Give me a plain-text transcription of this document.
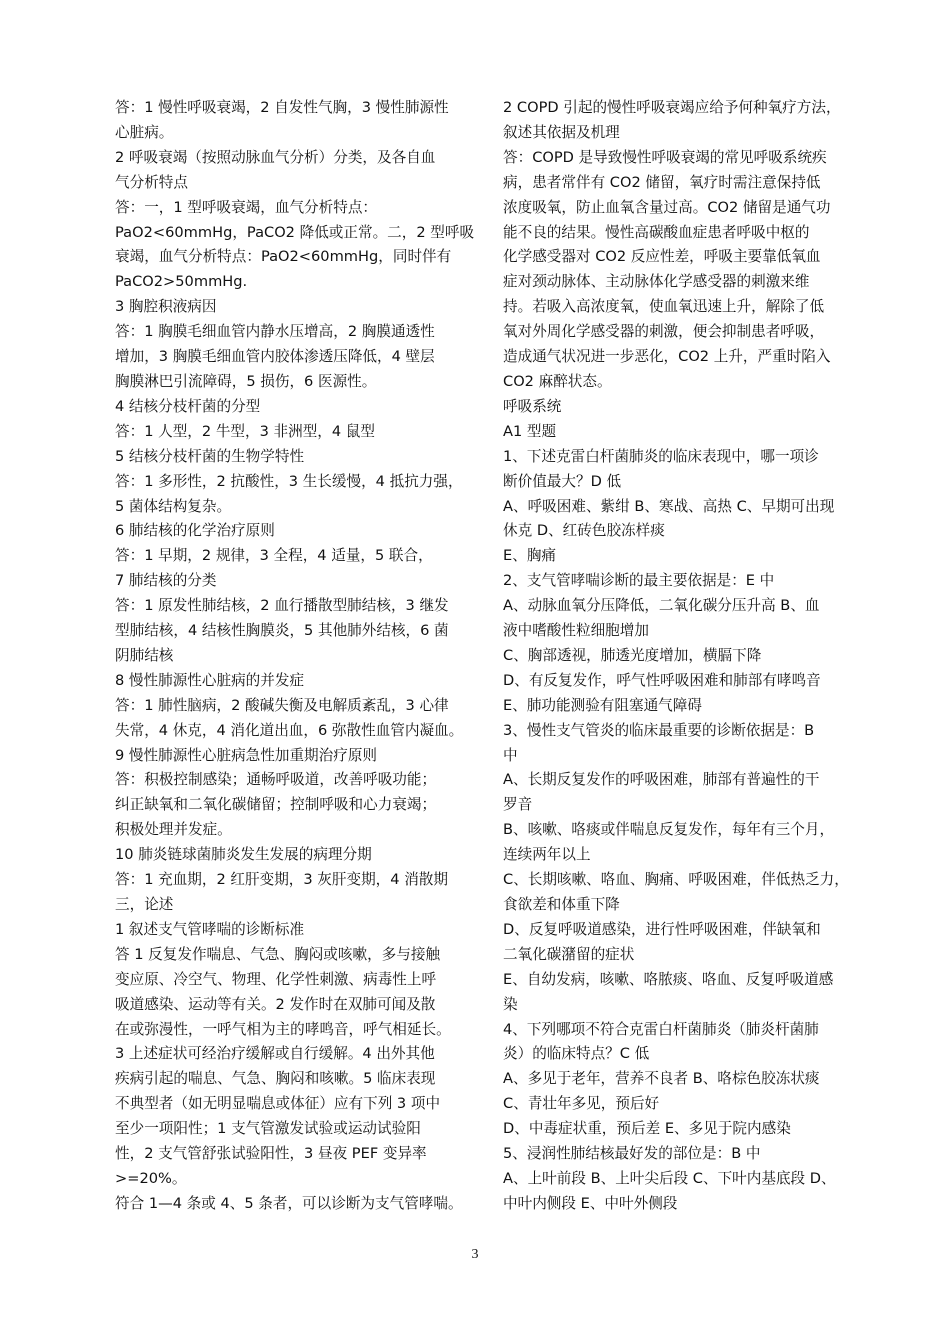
答：1 慢性呼吸衰竭，2 自发性气胸，3 慢性肺源性
心脏病。
2 呼吸衰竭（按照动脉血气分析）分类，及各自血
气分析特点
答：一，1 型呼吸衰竭，血气分析特点：
PaO2<60mmHg，PaCO2 降低或正常。二，2 型呼吸
衰竭，血气分析特点：PaO2<60mmHg，同时伴有
PaCO2>50mmHg.
3 胸腔积液病因
答：1 胸膜毛细血管内静水压增高，2 胸膜通透性
增加，3 胸膜毛细血管内胶体渗透压降低，4 壁层
胸膜淋巴引流障碍，5 损伤，6 医源性。
4 结核分枝杆菌的分型
答：1 人型，2 牛型，3 非洲型，4 鼠型
5 结核分枝杆菌的生物学特性
答：1 多形性，2 抗酸性，3 生长缓慢，4 抵抗力强，
5 菌体结构复杂。
6 肺结核的化学治疗原则
答：1 早期，2 规律，3 全程，4 适量，5 联合，
7 肺结核的分类
答：1 原发性肺结核，2 血行播散型肺结核，3 继发
型肺结核，4 结核性胸膜炎，5 其他肺外结核，6 菌
阴肺结核
8 慢性肺源性心脏病的并发症
答：1 肺性脑病，2 酸碱失衡及电解质紊乱，3 心律
失常，4 休克，4 消化道出血，6 弥散性血管内凝血。
9 慢性肺源性心脏病急性加重期治疗原则
答：积极控制感染；通畅呼吸道，改善呼吸功能；
纠正缺氧和二氧化碳储留；控制呼吸和心力衰竭；
积极处理并发症。
10 肺炎链球菌肺炎发生发展的病理分期
答：1 充血期，2 红肝变期，3 灰肝变期，4 消散期
三，论述
1 叙述支气管哮喘的诊断标准
答 1 反复发作喘息、气急、胸闷或咳嗽，多与接触
变应原、冷空气、物理、化学性刺激、病毒性上呼
吸道感染、运动等有关。2 发作时在双肺可闻及散
在或弥漫性，一呼气相为主的哮鸣音，呼气相延长。
3 上述症状可经治疗缓解或自行缓解。4 出外其他
疾病引起的喘息、气急、胸闷和咳嗽。5 临床表现
不典型者（如无明显喘息或体征）应有下列 3 项中
至少一项阳性；1 支气管激发试验或运动试验阳
性，2 支气管舒张试验阳性，3 昼夜 PEF 变异率
>=20%。
符合 1—4 条或 4、5 条者，可以诊断为支气管哮喘。
2 COPD 引起的慢性呼吸衰竭应给予何种氧疗方法，
叙述其依据及机理
答：COPD 是导致慢性呼吸衰竭的常见呼吸系统疾
病，患者常伴有 CO2 储留，氧疗时需注意保持低
浓度吸氧，防止血氧含量过高。CO2 储留是通气功
能不良的结果。慢性高碳酸血症患者呼吸中枢的
化学感受器对 CO2 反应性差，呼吸主要靠低氧血
症对颈动脉体、主动脉体化学感受器的刺激来维
持。若吸入高浓度氧，使血氧迅速上升，解除了低
氧对外周化学感受器的刺激，便会抑制患者呼吸，
造成通气状况进一步恶化，CO2 上升，严重时陷入
CO2 麻醉状态。
呼吸系统
A1 型题
1、下述克雷白杆菌肺炎的临床表现中，哪一项诊
断价值最大？D 低
A、呼吸困难、紫绀 B、寒战、高热 C、早期可出现
休克 D、红砖色胶冻样痰
E、胸痛
2、支气管哮喘诊断的最主要依据是：E 中
A、动脉血氧分压降低，二氧化碳分压升高 B、血
液中嗜酸性粒细胞增加
C、胸部透视，肺透光度增加，横膈下降
D、有反复发作，呼气性呼吸困难和肺部有哮鸣音
E、肺功能测验有阻塞通气障碍
3、慢性支气管炎的临床最重要的诊断依据是：B
中
A、长期反复发作的呼吸困难，肺部有普遍性的干
罗音
B、咳嗽、咯痰或伴喘息反复发作，每年有三个月，
连续两年以上
C、长期咳嗽、咯血、胸痛、呼吸困难，伴低热乏力，
食欲差和体重下降
D、反复呼吸道感染，进行性呼吸困难，伴缺氧和
二氧化碳潴留的症状
E、自幼发病，咳嗽、咯脓痰、咯血、反复呼吸道感
染
4、下列哪项不符合克雷白杆菌肺炎（肺炎杆菌肺
炎）的临床特点？C 低
A、多见于老年，营养不良者 B、咯棕色胶冻状痰
C、青壮年多见，预后好
D、中毒症状重，预后差 E、多见于院内感染
5、浸润性肺结核最好发的部位是：B 中
A、上叶前段 B、上叶尖后段 C、下叶内基底段 D、
中叶内侧段 E、中叶外侧段
3
